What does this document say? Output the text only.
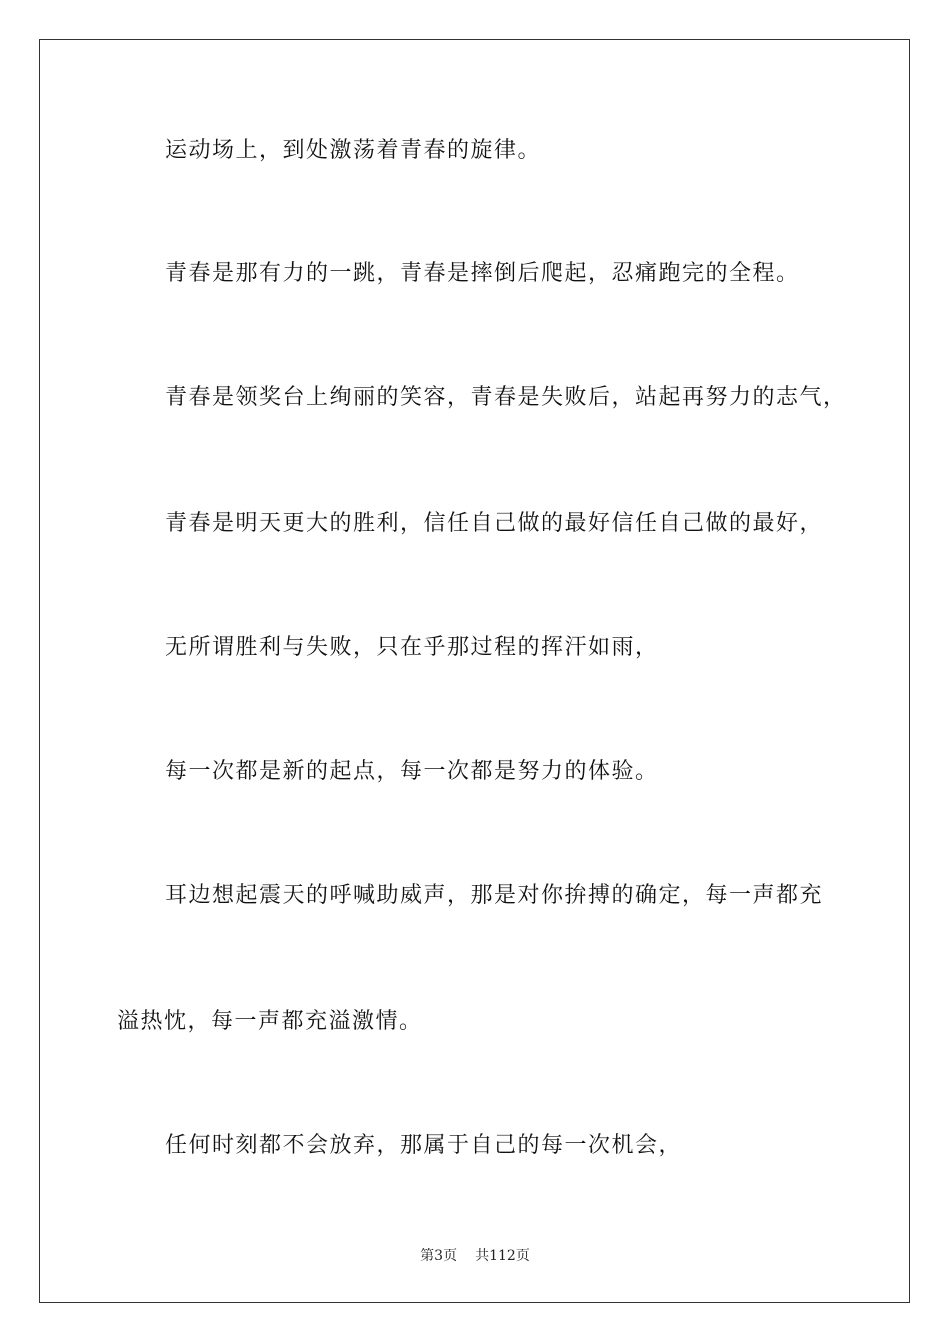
运动场上，到处激荡着青春的旋律。
青春是那有力的一跳，青春是摔倒后爬起，忍痛跑完的全程。
青春是领奖台上绚丽的笑容，青春是失败后，站起再努力的志气，
青春是明天更大的胜利，信任自己做的最好信任自己做的最好，
无所谓胜利与失败，只在乎那过程的挥汗如雨，
每一次都是新的起点，每一次都是努力的体验。
耳边想起震天的呼喊助威声，那是对你拚搏的确定，每一声都充
溢热忱，每一声都充溢激情。
任何时刻都不会放弃，那属于自己的每一次机会，
第3页 共112页
